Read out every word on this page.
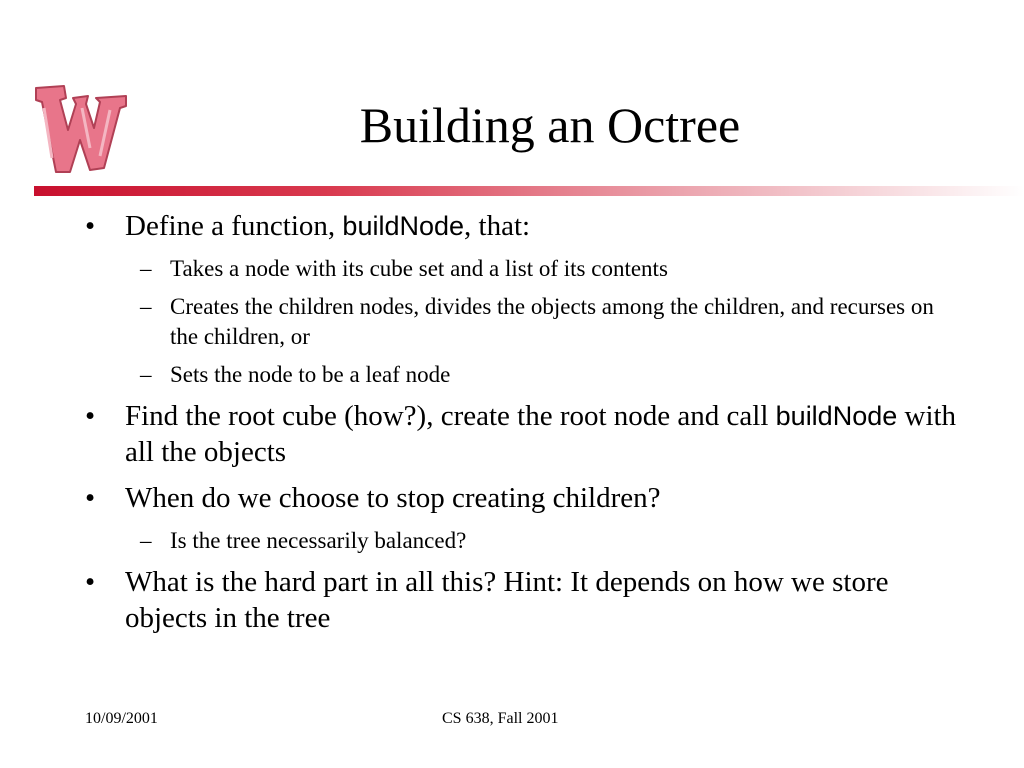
Building an Octree
• Define a function, buildNode, that:
– Takes a node with its cube set and a list of its contents
– Creates the children nodes, divides the objects among the children, and recurses on the children, or
– Sets the node to be a leaf node
• Find the root cube (how?), create the root node and call buildNode with all the objects
• When do we choose to stop creating children?
– Is the tree necessarily balanced?
• What is the hard part in all this? Hint: It depends on how we store objects in the tree
10/09/2001	CS 638, Fall 2001
